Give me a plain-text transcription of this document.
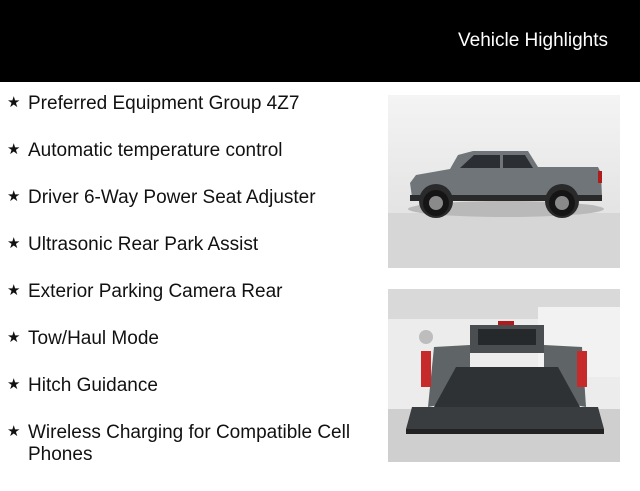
Vehicle Highlights
★ Preferred Equipment Group 4Z7
★ Automatic temperature control
★ Driver 6-Way Power Seat Adjuster
★ Ultrasonic Rear Park Assist
★ Exterior Parking Camera Rear
★ Tow/Haul Mode
★ Hitch Guidance
★ Wireless Charging for Compatible Cell Phones
